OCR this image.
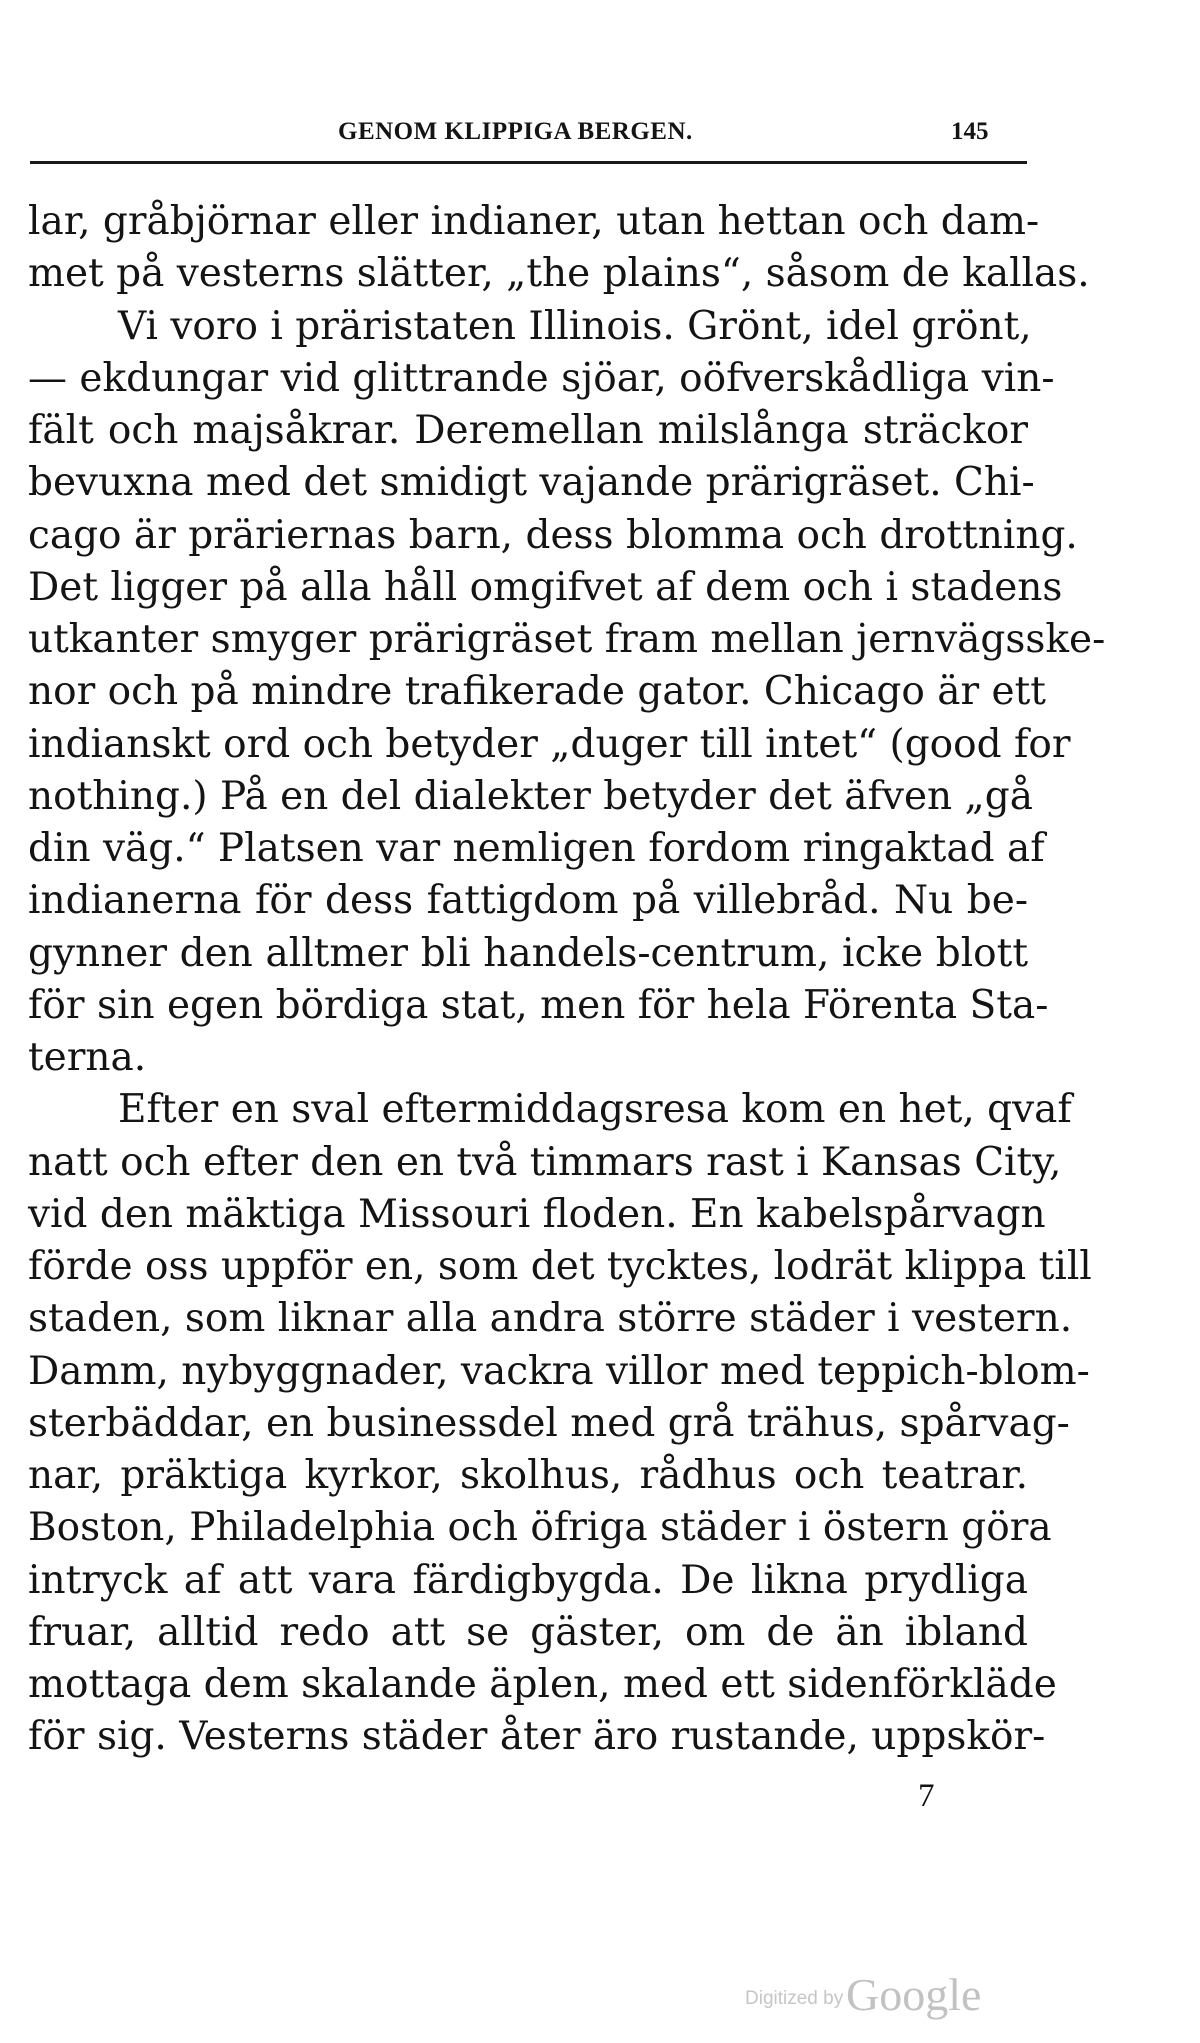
GENOM KLIPPIGA BERGEN.	145
lar, gråbjörnar eller indianer, utan hettan och dam-
met på vesterns slätter, „the plains“, såsom de kallas.
Vi voro i präristaten Illinois. Grönt, idel grönt,
— ekdungar vid glittrande sjöar, oöfverskådliga vin-
fält och majsåkrar. Deremellan milslånga sträckor
bevuxna med det smidigt vajande prärigräset. Chi-
cago är präriernas barn, dess blomma och drottning.
Det ligger på alla håll omgifvet af dem och i stadens
utkanter smyger prärigräset fram mellan jernvägsske-
nor och på mindre trafikerade gator. Chicago är ett
indianskt ord och betyder „duger till intet“ (good for
nothing.) På en del dialekter betyder det äfven „gå
din väg.“ Platsen var nemligen fordom ringaktad af
indianerna för dess fattigdom på villebråd. Nu be-
gynner den alltmer bli handels-centrum, icke blott
för sin egen bördiga stat, men för hela Förenta Sta-
terna.
Efter en sval eftermiddagsresa kom en het, qvaf
natt och efter den en två timmars rast i Kansas City,
vid den mäktiga Missouri floden. En kabelspårvagn
förde oss uppför en, som det tycktes, lodrät klippa till
staden, som liknar alla andra större städer i vestern.
Damm, nybyggnader, vackra villor med teppich-blom-
sterbäddar, en businessdel med grå trähus, spårvag-
nar, präktiga kyrkor, skolhus, rådhus och teatrar.
Boston, Philadelphia och öfriga städer i östern göra
intryck af att vara färdigbygda. De likna prydliga
fruar, alltid redo att se gäster, om de än ibland
mottaga dem skalande äplen, med ett sidenförkläde
för sig. Vesterns städer åter äro rustande, uppskör-
7
Digitized by Google
